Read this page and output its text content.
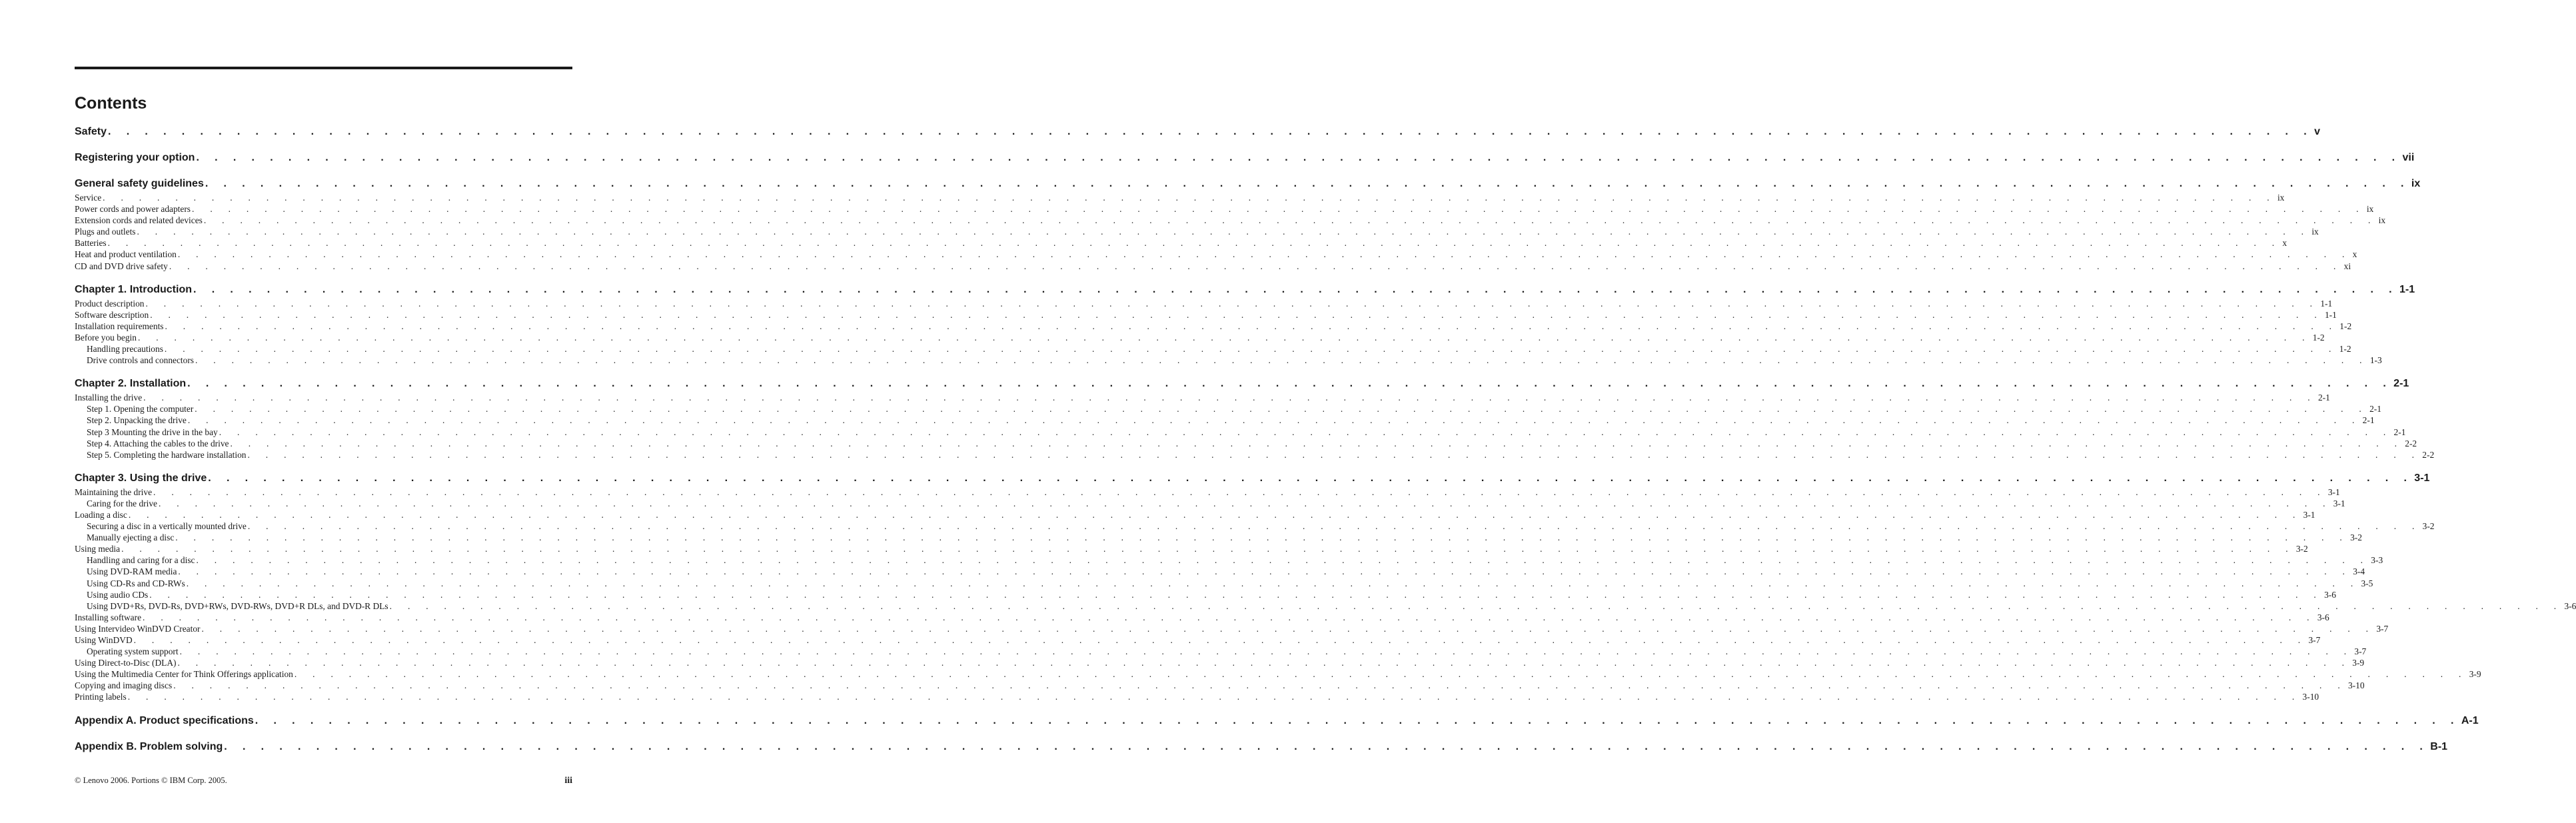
Contents
Safety . . . . . . . . . . . . . . . . . . . . . . . . . . . . . . . . . . . . . . . . . . . . . . . . . . . . . . . . . . . . . . . . . . . . . . . . . . . . . . . . . . . . . . . . . . . . . . . . . . . . . . . . . . . . . . . . . . . . . . . . v
Registering your option . . . . . . . . . . . . . . . . . . . . . . . . . . . . . . . . . . . . . . . . . . . . . . . . . . . . . . . . . . . . . . . . . . . . . . . . . . . . . . . . . . . . . . . . . . . . . . . . . . . . . . . . . . . . . . . . . . . . . . . . vii
General safety guidelines . . . . . . . . . . . . . . . . . . . . . . . . . . . . . . . . . . . . . . . . . . . . . . . . . . . . . . . . . . . . . . . . . . . . . . . . . . . . . . . . . . . . . . . . . . . . . . . . . . . . . . . . . . . . . . . . . . . . . . . . ix
Service . . . . . . . . . . . . . . . . . . . . . . . . . . . . . . . . . . . . . . . . . . . . . . . . . . . . . . . . . . . . . . . . . . . . . . . . . . . . . . . . . . . . . . . . . . . . . . . . . . . . . . . . . . . . . . . . . . . . . . . . ix
Power cords and power adapters . . . . . . . . . . . . . . . . . . . . . . . . . . . . . . . . . . . . . . . . . . . . . . . . . . . . . . . . . . . . . . . . . . . . . . . . . . . . . . . . . . . . . . . . . . . . . . . . . . . . . . . . . . . . . . . . . . . . . . . . ix
Extension cords and related devices . . . . . . . . . . . . . . . . . . . . . . . . . . . . . . . . . . . . . . . . . . . . . . . . . . . . . . . . . . . . . . . . . . . . . . . . . . . . . . . . . . . . . . . . . . . . . . . . . . . . . . . . . . . . . . . . . . . . . . . . ix
Plugs and outlets . . . . . . . . . . . . . . . . . . . . . . . . . . . . . . . . . . . . . . . . . . . . . . . . . . . . . . . . . . . . . . . . . . . . . . . . . . . . . . . . . . . . . . . . . . . . . . . . . . . . . . . . . . . . . . . . . . . . . . . . ix
Batteries . . . . . . . . . . . . . . . . . . . . . . . . . . . . . . . . . . . . . . . . . . . . . . . . . . . . . . . . . . . . . . . . . . . . . . . . . . . . . . . . . . . . . . . . . . . . . . . . . . . . . . . . . . . . . . . . . . . . . . . . x
Heat and product ventilation . . . . . . . . . . . . . . . . . . . . . . . . . . . . . . . . . . . . . . . . . . . . . . . . . . . . . . . . . . . . . . . . . . . . . . . . . . . . . . . . . . . . . . . . . . . . . . . . . . . . . . . . . . . . . . . . . . . . . . . . x
CD and DVD drive safety . . . . . . . . . . . . . . . . . . . . . . . . . . . . . . . . . . . . . . . . . . . . . . . . . . . . . . . . . . . . . . . . . . . . . . . . . . . . . . . . . . . . . . . . . . . . . . . . . . . . . . . . . . . . . . . . . . . . . . . . xi
Chapter 1. Introduction . . . . . . . . . . . . . . . . . . . . . . . . . . . . . . . . . . . . . . . . . . . . . . . . . . . . . . . . . . . . . . . . . . . . . . . . . . . . . . . . . . . . . . . . . . . . . . . . . . . . . . . . . . . . . . . . . . . . . . . . 1-1
Product description . . . . . . . . . . . . . . . . . . . . . . . . . . . . . . . . . . . . . . . . . . . . . . . . . . . . . . . . . . . . . . . . . . . . . . . . . . . . . . . . . . . . . . . . . . . . . . . . . . . . . . . . . . . . . . . . . . . . . . . . 1-1
Software description . . . . . . . . . . . . . . . . . . . . . . . . . . . . . . . . . . . . . . . . . . . . . . . . . . . . . . . . . . . . . . . . . . . . . . . . . . . . . . . . . . . . . . . . . . . . . . . . . . . . . . . . . . . . . . . . . . . . . . . . 1-1
Installation requirements . . . . . . . . . . . . . . . . . . . . . . . . . . . . . . . . . . . . . . . . . . . . . . . . . . . . . . . . . . . . . . . . . . . . . . . . . . . . . . . . . . . . . . . . . . . . . . . . . . . . . . . . . . . . . . . . . . . . . . . . 1-2
Before you begin . . . . . . . . . . . . . . . . . . . . . . . . . . . . . . . . . . . . . . . . . . . . . . . . . . . . . . . . . . . . . . . . . . . . . . . . . . . . . . . . . . . . . . . . . . . . . . . . . . . . . . . . . . . . . . . . . . . . . . . . 1-2
Handling precautions . . . . . . . . . . . . . . . . . . . . . . . . . . . . . . . . . . . . . . . . . . . . . . . . . . . . . . . . . . . . . . . . . . . . . . . . . . . . . . . . . . . . . . . . . . . . . . . . . . . . . . . . . . . . . . . . . . . . . . . . 1-2
Drive controls and connectors . . . . . . . . . . . . . . . . . . . . . . . . . . . . . . . . . . . . . . . . . . . . . . . . . . . . . . . . . . . . . . . . . . . . . . . . . . . . . . . . . . . . . . . . . . . . . . . . . . . . . . . . . . . . . . . . . . . . . . . . 1-3
Chapter 2. Installation . . . . . . . . . . . . . . . . . . . . . . . . . . . . . . . . . . . . . . . . . . . . . . . . . . . . . . . . . . . . . . . . . . . . . . . . . . . . . . . . . . . . . . . . . . . . . . . . . . . . . . . . . . . . . . . . . . . . . . . . 2-1
Installing the drive . . . . . . . . . . . . . . . . . . . . . . . . . . . . . . . . . . . . . . . . . . . . . . . . . . . . . . . . . . . . . . . . . . . . . . . . . . . . . . . . . . . . . . . . . . . . . . . . . . . . . . . . . . . . . . . . . . . . . . . . 2-1
Step 1. Opening the computer . . . . . . . . . . . . . . . . . . . . . . . . . . . . . . . . . . . . . . . . . . . . . . . . . . . . . . . . . . . . . . . . . . . . . . . . . . . . . . . . . . . . . . . . . . . . . . . . . . . . . . . . . . . . . . . . . . . . . . . . 2-1
Step 2. Unpacking the drive . . . . . . . . . . . . . . . . . . . . . . . . . . . . . . . . . . . . . . . . . . . . . . . . . . . . . . . . . . . . . . . . . . . . . . . . . . . . . . . . . . . . . . . . . . . . . . . . . . . . . . . . . . . . . . . . . . . . . . . . 2-1
Step 3 Mounting the drive in the bay . . . . . . . . . . . . . . . . . . . . . . . . . . . . . . . . . . . . . . . . . . . . . . . . . . . . . . . . . . . . . . . . . . . . . . . . . . . . . . . . . . . . . . . . . . . . . . . . . . . . . . . . . . . . . . . . . . . . . . . . 2-1
Step 4. Attaching the cables to the drive . . . . . . . . . . . . . . . . . . . . . . . . . . . . . . . . . . . . . . . . . . . . . . . . . . . . . . . . . . . . . . . . . . . . . . . . . . . . . . . . . . . . . . . . . . . . . . . . . . . . . . . . . . . . . . . . . . . . . . . . 2-2
Step 5. Completing the hardware installation . . . . . . . . . . . . . . . . . . . . . . . . . . . . . . . . . . . . . . . . . . . . . . . . . . . . . . . . . . . . . . . . . . . . . . . . . . . . . . . . . . . . . . . . . . . . . . . . . . . . . . . . . . . . . . . . . . . . . . . . 2-2
Chapter 3. Using the drive . . . . . . . . . . . . . . . . . . . . . . . . . . . . . . . . . . . . . . . . . . . . . . . . . . . . . . . . . . . . . . . . . . . . . . . . . . . . . . . . . . . . . . . . . . . . . . . . . . . . . . . . . . . . . . . . . . . . . . . . 3-1
Maintaining the drive . . . . . . . . . . . . . . . . . . . . . . . . . . . . . . . . . . . . . . . . . . . . . . . . . . . . . . . . . . . . . . . . . . . . . . . . . . . . . . . . . . . . . . . . . . . . . . . . . . . . . . . . . . . . . . . . . . . . . . . . 3-1
Caring for the drive . . . . . . . . . . . . . . . . . . . . . . . . . . . . . . . . . . . . . . . . . . . . . . . . . . . . . . . . . . . . . . . . . . . . . . . . . . . . . . . . . . . . . . . . . . . . . . . . . . . . . . . . . . . . . . . . . . . . . . . . 3-1
Loading a disc . . . . . . . . . . . . . . . . . . . . . . . . . . . . . . . . . . . . . . . . . . . . . . . . . . . . . . . . . . . . . . . . . . . . . . . . . . . . . . . . . . . . . . . . . . . . . . . . . . . . . . . . . . . . . . . . . . . . . . . . 3-1
Securing a disc in a vertically mounted drive . . . . . . . . . . . . . . . . . . . . . . . . . . . . . . . . . . . . . . . . . . . . . . . . . . . . . . . . . . . . . . . . . . . . . . . . . . . . . . . . . . . . . . . . . . . . . . . . . . . . . . . . . . . . . . . . . . . . . . . . 3-2
Manually ejecting a disc . . . . . . . . . . . . . . . . . . . . . . . . . . . . . . . . . . . . . . . . . . . . . . . . . . . . . . . . . . . . . . . . . . . . . . . . . . . . . . . . . . . . . . . . . . . . . . . . . . . . . . . . . . . . . . . . . . . . . . . . 3-2
Using media . . . . . . . . . . . . . . . . . . . . . . . . . . . . . . . . . . . . . . . . . . . . . . . . . . . . . . . . . . . . . . . . . . . . . . . . . . . . . . . . . . . . . . . . . . . . . . . . . . . . . . . . . . . . . . . . . . . . . . . . 3-2
Handling and caring for a disc . . . . . . . . . . . . . . . . . . . . . . . . . . . . . . . . . . . . . . . . . . . . . . . . . . . . . . . . . . . . . . . . . . . . . . . . . . . . . . . . . . . . . . . . . . . . . . . . . . . . . . . . . . . . . . . . . . . . . . . . 3-3
Using DVD-RAM media . . . . . . . . . . . . . . . . . . . . . . . . . . . . . . . . . . . . . . . . . . . . . . . . . . . . . . . . . . . . . . . . . . . . . . . . . . . . . . . . . . . . . . . . . . . . . . . . . . . . . . . . . . . . . . . . . . . . . . . . 3-4
Using CD-Rs and CD-RWs . . . . . . . . . . . . . . . . . . . . . . . . . . . . . . . . . . . . . . . . . . . . . . . . . . . . . . . . . . . . . . . . . . . . . . . . . . . . . . . . . . . . . . . . . . . . . . . . . . . . . . . . . . . . . . . . . . . . . . . . 3-5
Using audio CDs . . . . . . . . . . . . . . . . . . . . . . . . . . . . . . . . . . . . . . . . . . . . . . . . . . . . . . . . . . . . . . . . . . . . . . . . . . . . . . . . . . . . . . . . . . . . . . . . . . . . . . . . . . . . . . . . . . . . . . . . 3-6
Using DVD+Rs, DVD-Rs, DVD+RWs, DVD-RWs, DVD+R DLs, and DVD-R DLs . . . . . . . . . . . . . . . . . . . . . . . . . . . . . . . . . . . . . . . . . . . . . . . . . . . . . . . . . . . . . . . . . . . . . . . . . . . . . . . . . . . . . . . . . . . . . . . . . . . . . . . . . . . . . . . . . . . . . . . . 3-6
Installing software . . . . . . . . . . . . . . . . . . . . . . . . . . . . . . . . . . . . . . . . . . . . . . . . . . . . . . . . . . . . . . . . . . . . . . . . . . . . . . . . . . . . . . . . . . . . . . . . . . . . . . . . . . . . . . . . . . . . . . . . 3-6
Using Intervideo WinDVD Creator . . . . . . . . . . . . . . . . . . . . . . . . . . . . . . . . . . . . . . . . . . . . . . . . . . . . . . . . . . . . . . . . . . . . . . . . . . . . . . . . . . . . . . . . . . . . . . . . . . . . . . . . . . . . . . . . . . . . . . . . 3-7
Using WinDVD . . . . . . . . . . . . . . . . . . . . . . . . . . . . . . . . . . . . . . . . . . . . . . . . . . . . . . . . . . . . . . . . . . . . . . . . . . . . . . . . . . . . . . . . . . . . . . . . . . . . . . . . . . . . . . . . . . . . . . . . 3-7
Operating system support . . . . . . . . . . . . . . . . . . . . . . . . . . . . . . . . . . . . . . . . . . . . . . . . . . . . . . . . . . . . . . . . . . . . . . . . . . . . . . . . . . . . . . . . . . . . . . . . . . . . . . . . . . . . . . . . . . . . . . . . 3-7
Using Direct-to-Disc (DLA) . . . . . . . . . . . . . . . . . . . . . . . . . . . . . . . . . . . . . . . . . . . . . . . . . . . . . . . . . . . . . . . . . . . . . . . . . . . . . . . . . . . . . . . . . . . . . . . . . . . . . . . . . . . . . . . . . . . . . . . . 3-9
Using the Multimedia Center for Think Offerings application . . . . . . . . . . . . . . . . . . . . . . . . . . . . . . . . . . . . . . . . . . . . . . . . . . . . . . . . . . . . . . . . . . . . . . . . . . . . . . . . . . . . . . . . . . . . . . . . . . . . . . . . . . . . . . . . . . . . . . . . 3-9
Copying and imaging discs . . . . . . . . . . . . . . . . . . . . . . . . . . . . . . . . . . . . . . . . . . . . . . . . . . . . . . . . . . . . . . . . . . . . . . . . . . . . . . . . . . . . . . . . . . . . . . . . . . . . . . . . . . . . . . . . . . . . . . . . 3-10
Printing labels . . . . . . . . . . . . . . . . . . . . . . . . . . . . . . . . . . . . . . . . . . . . . . . . . . . . . . . . . . . . . . . . . . . . . . . . . . . . . . . . . . . . . . . . . . . . . . . . . . . . . . . . . . . . . . . . . . . . . . . . 3-10
Appendix A. Product specifications . . . . . . . . . . . . . . . . . . . . . . . . . . . . . . . . . . . . . . . . . . . . . . . . . . . . . . . . . . . . . . . . . . . . . . . . . . . . . . . . . . . . . . . . . . . . . . . . . . . . . . . . . . . . . . . . . . . . . . . . A-1
Appendix B. Problem solving . . . . . . . . . . . . . . . . . . . . . . . . . . . . . . . . . . . . . . . . . . . . . . . . . . . . . . . . . . . . . . . . . . . . . . . . . . . . . . . . . . . . . . . . . . . . . . . . . . . . . . . . . . . . . . . . . . . . . . . . B-1
© Lenovo 2006. Portions © IBM Corp. 2005.	iii
